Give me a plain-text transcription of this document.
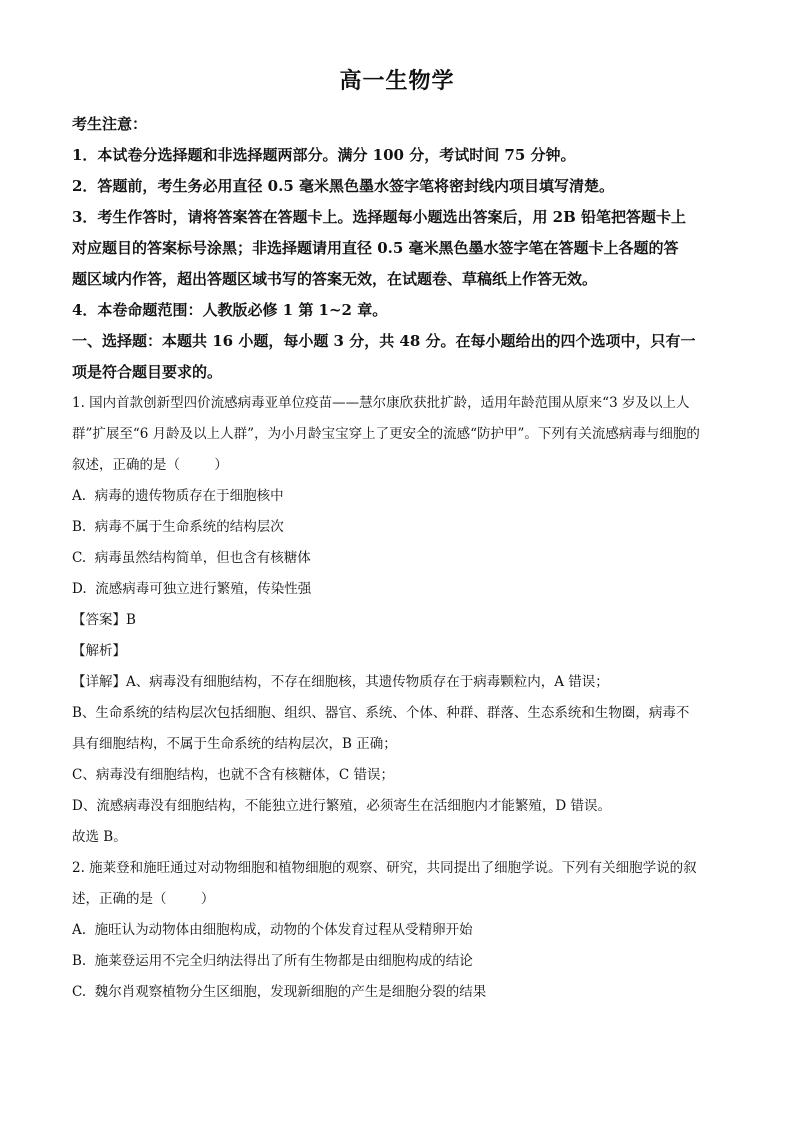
高一生物学

考生注意：

1．本试卷分选择题和非选择题两部分。满分 100 分，考试时间 75 分钟。

2．答题前，考生务必用直径 0.5 毫米黑色墨水签字笔将密封线内项目填写清楚。

3．考生作答时，请将答案答在答题卡上。选择题每小题选出答案后，用 2B 铅笔把答题卡上

对应题目的答案标号涂黑；非选择题请用直径 0.5 毫米黑色墨水签字笔在答题卡上各题的答

题区域内作答，超出答题区域书写的答案无效，在试题卷、草稿纸上作答无效。

4．本卷命题范围：人教版必修 1 第 1~2 章。

一、选择题：本题共 16 小题，每小题 3 分，共 48 分。在每小题给出的四个选项中，只有一

项是符合题目要求的。

1. 国内首款创新型四价流感病毒亚单位疫苗——慧尔康欣获批扩龄，适用年龄范围从原来“3 岁及以上人

群”扩展至“6 月龄及以上人群”，为小月龄宝宝穿上了更安全的流感“防护甲”。下列有关流感病毒与细胞的

叙述，正确的是（        ）

A.  病毒的遗传物质存在于细胞核中

B.  病毒不属于生命系统的结构层次

C.  病毒虽然结构简单，但也含有核糖体

D.  流感病毒可独立进行繁殖，传染性强

【答案】B

【解析】

【详解】A、病毒没有细胞结构，不存在细胞核，其遗传物质存在于病毒颗粒内，A 错误；

B、生命系统的结构层次包括细胞、组织、器官、系统、个体、种群、群落、生态系统和生物圈，病毒不

具有细胞结构，不属于生命系统的结构层次，B 正确；

C、病毒没有细胞结构，也就不含有核糖体，C 错误；

D、流感病毒没有细胞结构，不能独立进行繁殖，必须寄生在活细胞内才能繁殖，D 错误。

故选 B。

2. 施莱登和施旺通过对动物细胞和植物细胞的观察、研究，共同提出了细胞学说。下列有关细胞学说的叙

述，正确的是（        ）

A.  施旺认为动物体由细胞构成，动物的个体发育过程从受精卵开始

B.  施莱登运用不完全归纳法得出了所有生物都是由细胞构成的结论

C.  魏尔肖观察植物分生区细胞，发现新细胞的产生是细胞分裂的结果
